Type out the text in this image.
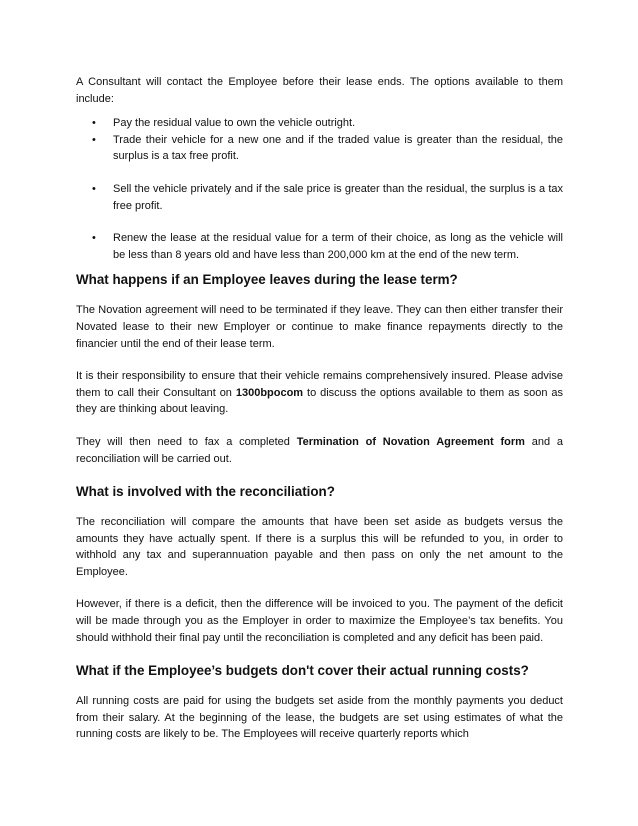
A Consultant will contact the Employee before their lease ends. The options available to them include:

• Pay the residual value to own the vehicle outright.
• Trade their vehicle for a new one and if the traded value is greater than the residual, the surplus is a tax free profit.
• Sell the vehicle privately and if the sale price is greater than the residual, the surplus is a tax free profit.
• Renew the lease at the residual value for a term of their choice, as long as the vehicle will be less than 8 years old and have less than 200,000 km at the end of the new term.
What happens if an Employee leaves during the lease term?

The Novation agreement will need to be terminated if they leave. They can then either transfer their Novated lease to their new Employer or continue to make finance repayments directly to the financier until the end of their lease term.

It is their responsibility to ensure that their vehicle remains comprehensively insured. Please advise them to call their Consultant on 1300bpocom to discuss the options available to them as soon as they are thinking about leaving.

They will then need to fax a completed Termination of Novation Agreement form and a reconciliation will be carried out.

What is involved with the reconciliation?

The reconciliation will compare the amounts that have been set aside as budgets versus the amounts they have actually spent. If there is a surplus this will be refunded to you, in order to withhold any tax and superannuation payable and then pass on only the net amount to the Employee.

However, if there is a deficit, then the difference will be invoiced to you. The payment of the deficit will be made through you as the Employer in order to maximize the Employee’s tax benefits. You should withhold their final pay until the reconciliation is completed and any deficit has been paid.

What if the Employee’s budgets don't cover their actual running costs?

All running costs are paid for using the budgets set aside from the monthly payments you deduct from their salary. At the beginning of the lease, the budgets are set using estimates of what the running costs are likely to be. The Employees will receive quarterly reports which
